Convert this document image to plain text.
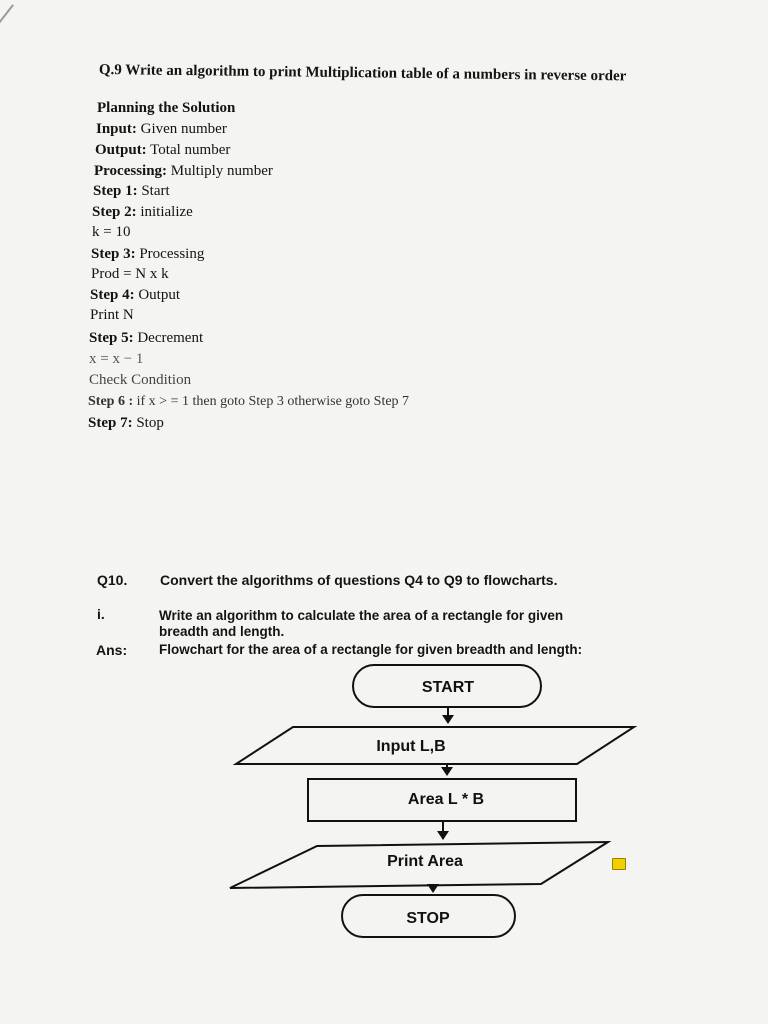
Q.9 Write an algorithm to print Multiplication table of a numbers in reverse order
Planning the Solution
Input: Given number
Output: Total number
Processing: Multiply number
Step 1: Start
Step 2: initialize
k = 10
Step 3: Processing
Prod = N x k
Step 4: Output
Print N
Step 5: Decrement
x = x − 1
Check Condition
Step 6 : if x > = 1 then goto Step 3 otherwise goto Step 7
Step 7: Stop
Q10. Convert the algorithms of questions Q4 to Q9 to flowcharts.
i.	Write an algorithm to calculate the area of a rectangle for given
breadth and length.
Ans: Flowchart for the area of a rectangle for given breadth and length:
START
Input L,B
Area L * B
Print Area
STOP
